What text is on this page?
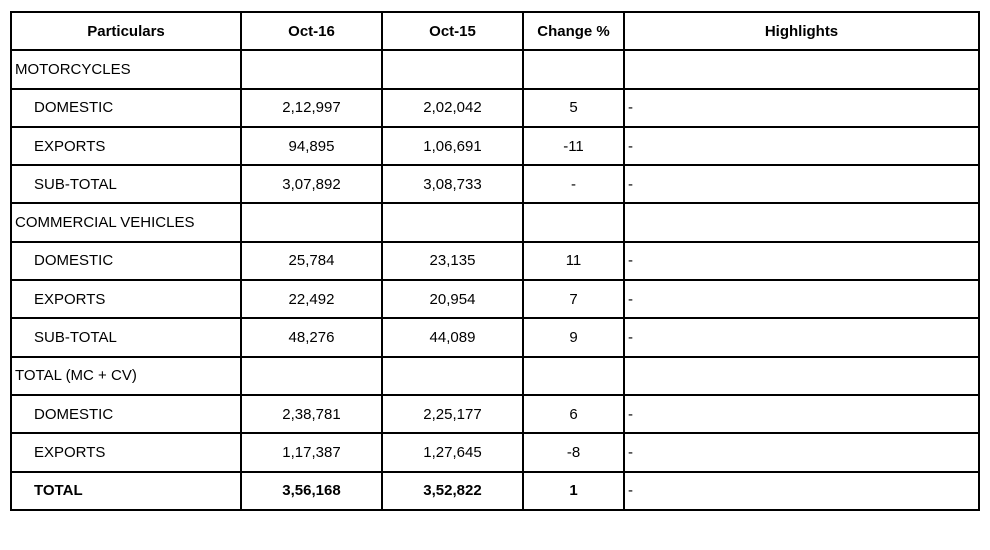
Particulars	Oct-16	Oct-15	Change %	Highlights
MOTORCYCLES				
DOMESTIC	2,12,997	2,02,042	5	-
EXPORTS	94,895	1,06,691	-11	-
SUB-TOTAL	3,07,892	3,08,733	-	-
COMMERCIAL VEHICLES				
DOMESTIC	25,784	23,135	11	-
EXPORTS	22,492	20,954	7	-
SUB-TOTAL	48,276	44,089	9	-
TOTAL (MC + CV)				
DOMESTIC	2,38,781	2,25,177	6	-
EXPORTS	1,17,387	1,27,645	-8	-
TOTAL	3,56,168	3,52,822	1	-
